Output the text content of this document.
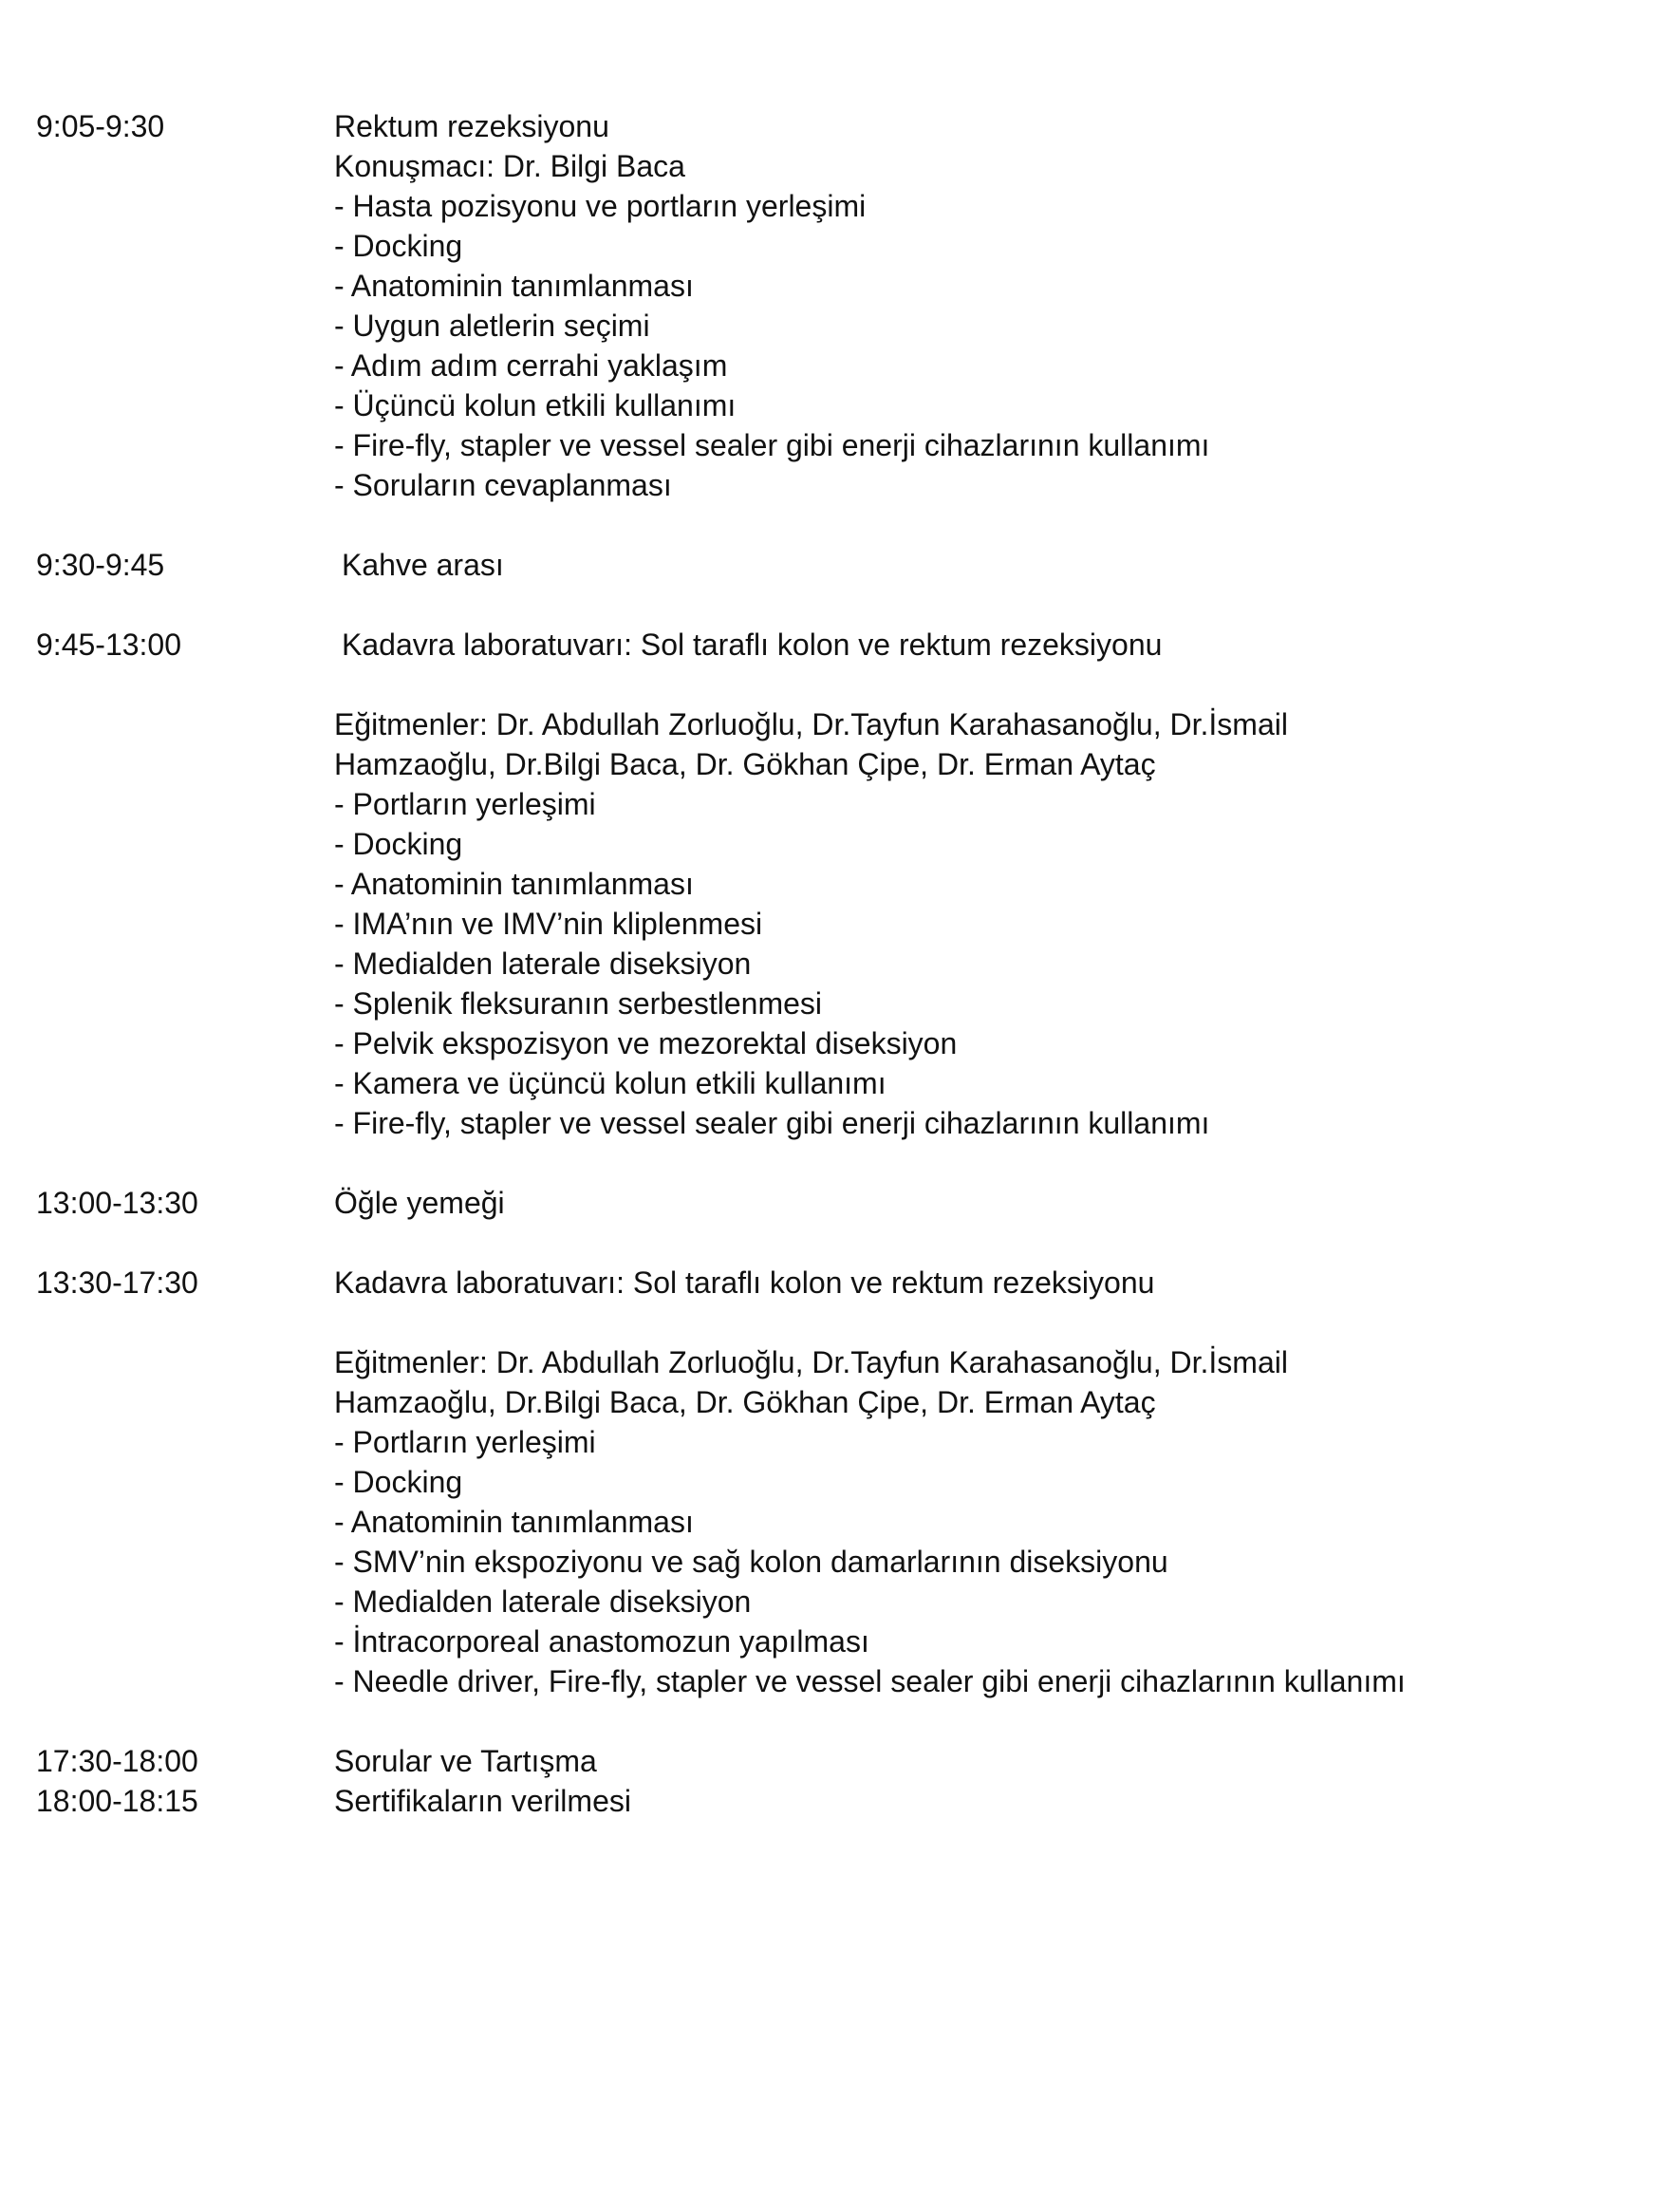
9:05-9:30	Rektum rezeksiyonu
Konuşmacı: Dr. Bilgi Baca
- Hasta pozisyonu ve portların yerleşimi
- Docking
- Anatominin tanımlanması
- Uygun aletlerin seçimi
- Adım adım cerrahi yaklaşım
- Üçüncü kolun etkili kullanımı
- Fire-fly, stapler ve vessel sealer gibi enerji cihazlarının kullanımı
- Soruların cevaplanması
9:30-9:45	Kahve arası
9:45-13:00	Kadavra laboratuvarı: Sol taraflı kolon ve rektum rezeksiyonu
Eğitmenler: Dr. Abdullah Zorluoğlu, Dr.Tayfun Karahasanoğlu, Dr.İsmail
Hamzaoğlu, Dr.Bilgi Baca, Dr. Gökhan Çipe, Dr. Erman Aytaç
- Portların yerleşimi
- Docking
- Anatominin tanımlanması
- IMA’nın ve IMV’nin kliplenmesi
- Medialden laterale diseksiyon
- Splenik fleksuranın serbestlenmesi
- Pelvik ekspozisyon ve mezorektal diseksiyon
- Kamera ve üçüncü kolun etkili kullanımı
- Fire-fly, stapler ve vessel sealer gibi enerji cihazlarının kullanımı
13:00-13:30	Öğle yemeği
13:30-17:30	Kadavra laboratuvarı: Sol taraflı kolon ve rektum rezeksiyonu
Eğitmenler: Dr. Abdullah Zorluoğlu, Dr.Tayfun Karahasanoğlu, Dr.İsmail
Hamzaoğlu, Dr.Bilgi Baca, Dr. Gökhan Çipe, Dr. Erman Aytaç
- Portların yerleşimi
- Docking
- Anatominin tanımlanması
- SMV’nin ekspoziyonu ve sağ kolon damarlarının diseksiyonu
- Medialden laterale diseksiyon
- İntracorporeal anastomozun yapılması
- Needle driver, Fire-fly, stapler ve vessel sealer gibi enerji cihazlarının kullanımı
17:30-18:00	Sorular ve Tartışma
18:00-18:15	Sertifikaların verilmesi
